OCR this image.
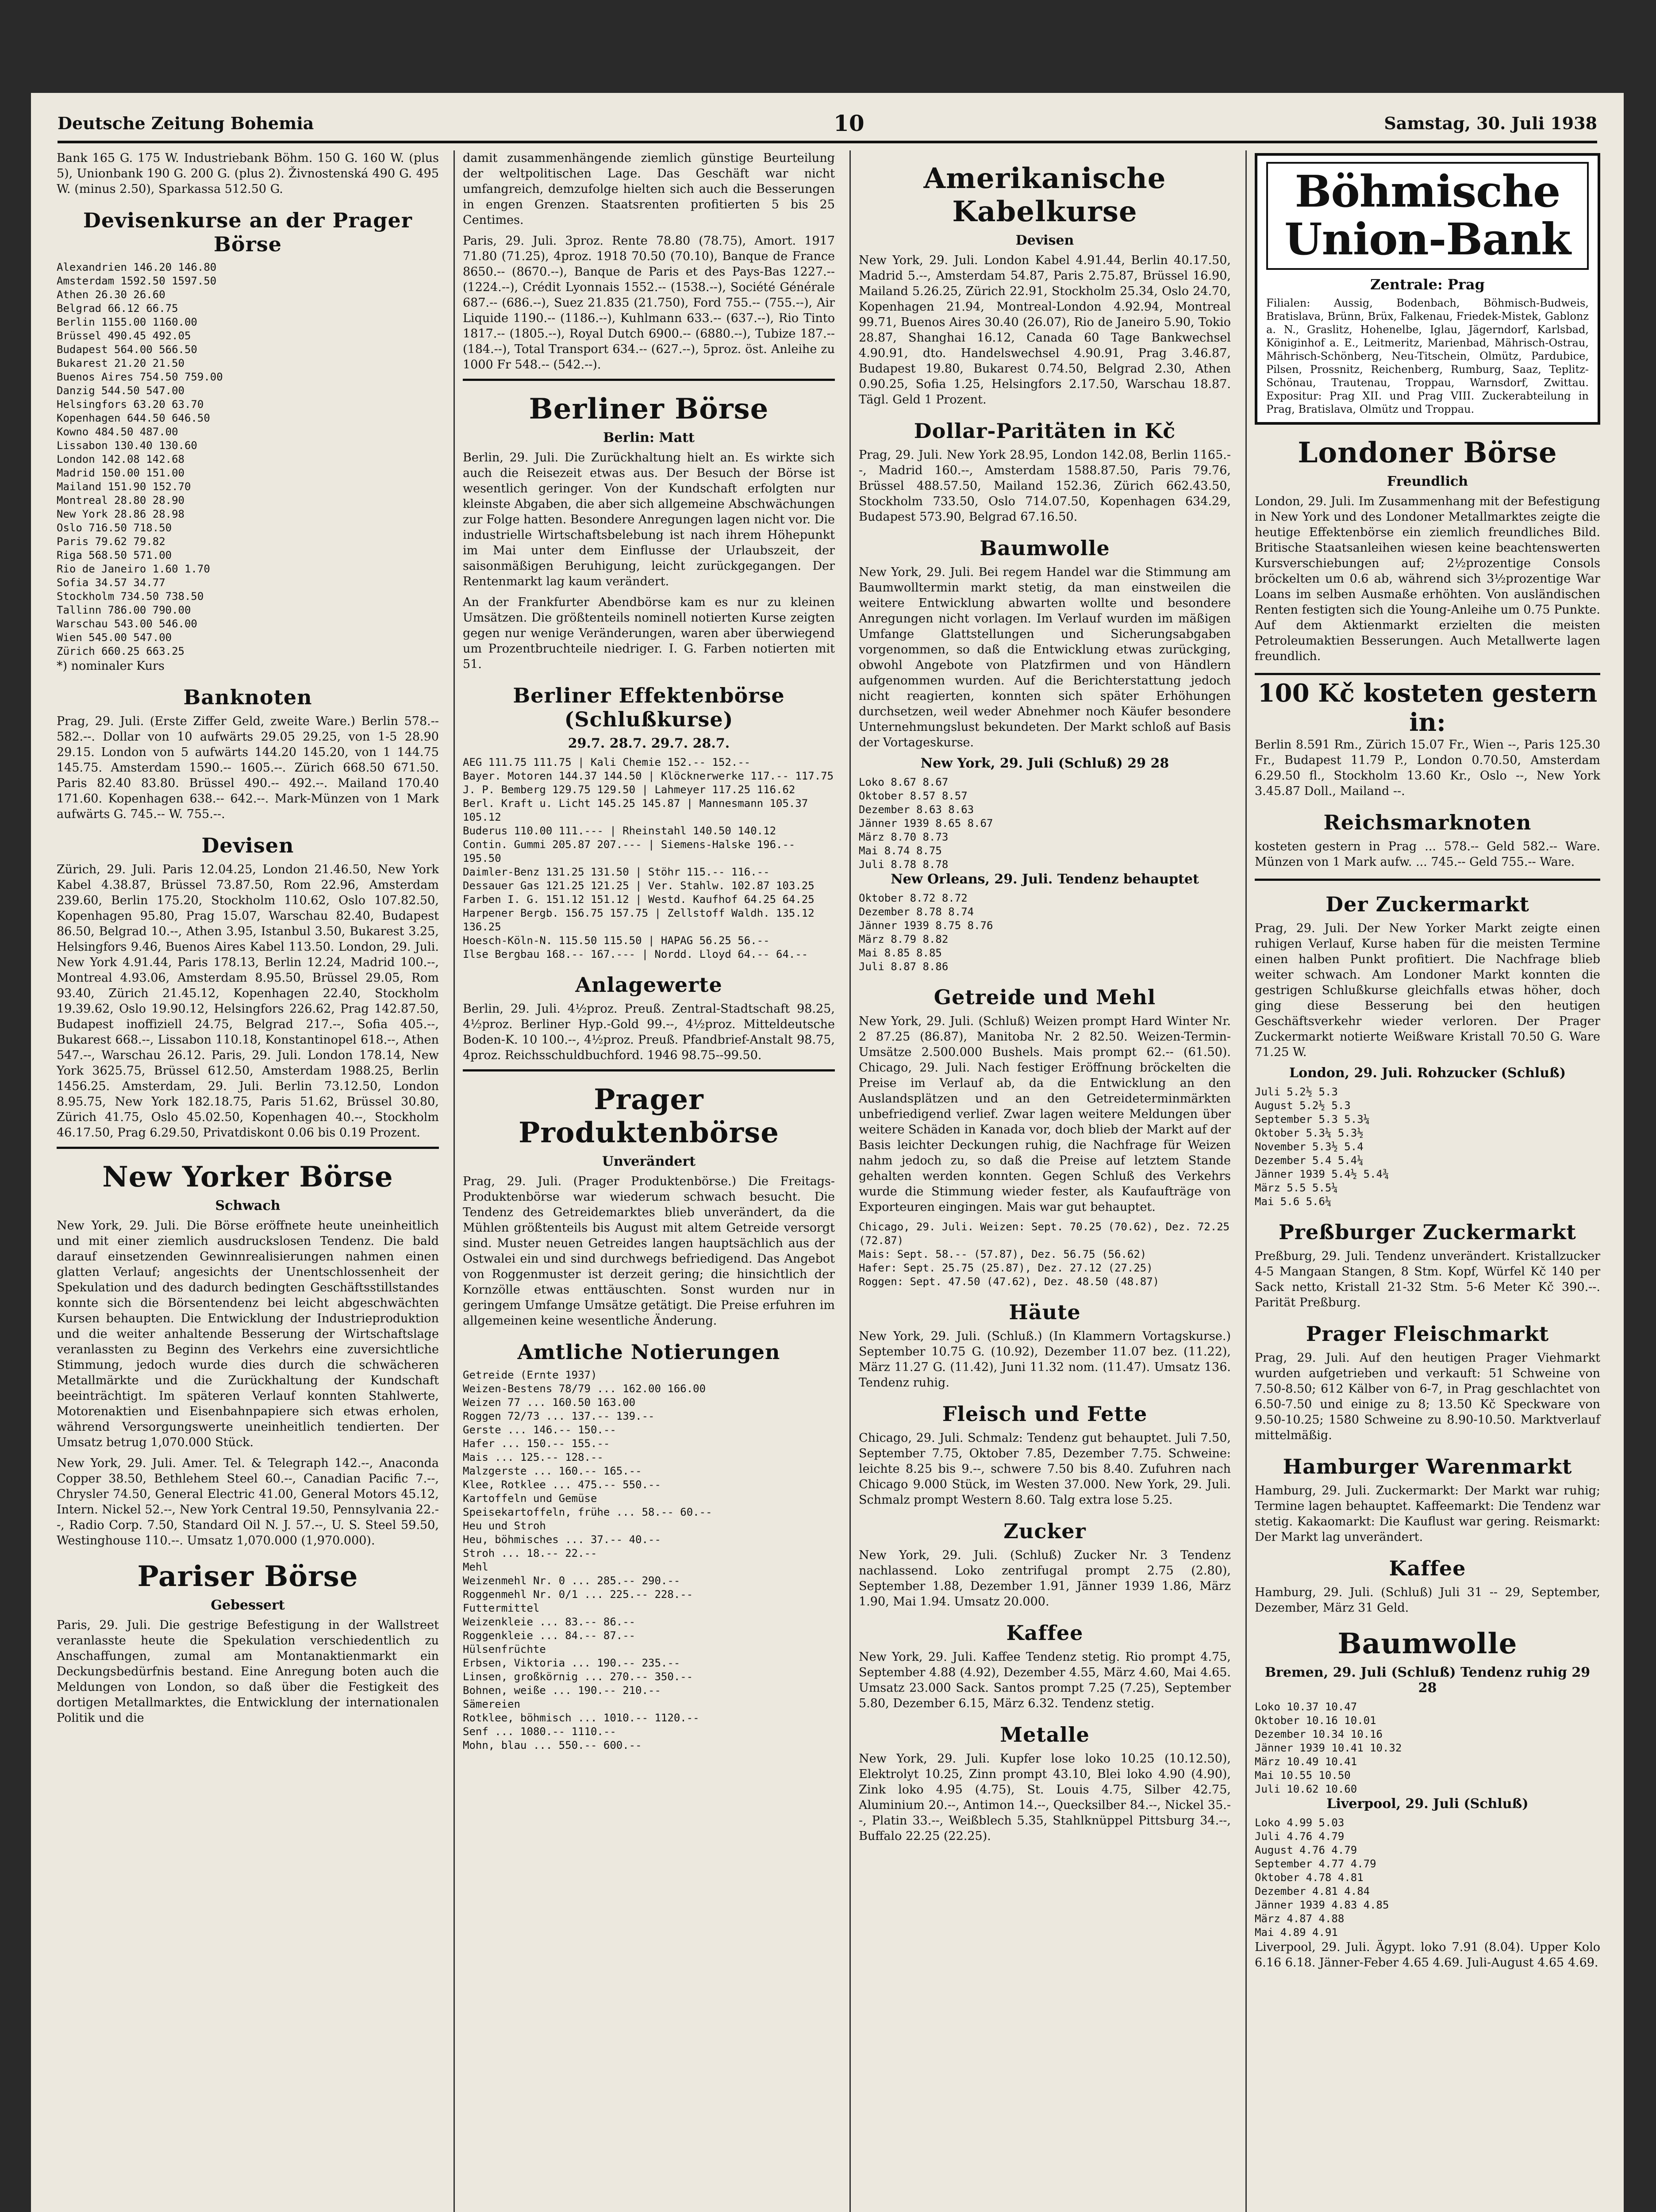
Deutsche Zeitung Bohemia	10	Samstag, 30. Juli 1938
Bank 165 G. 175 W. Industriebank Böhm. 150 G. 160 W. (plus 5), Unionbank 190 G. 200 G. (plus 2). Živnostenská 490 G. 495 W. (minus 2.50), Sparkassa 512.50 G.
Devisenkurse an der Prager Börse
Alexandrien 146.20 146.80
Amsterdam 1592.50 1597.50
Athen 26.30 26.60
Belgrad 66.12 66.75
Berlin 1155.00 1160.00
Brüssel 490.45 492.05
Budapest 564.00 566.50
Bukarest 21.20 21.50
Buenos Aires 754.50 759.00
Danzig 544.50 547.00
Helsingfors 63.20 63.70
Kopenhagen 644.50 646.50
Kowno 484.50 487.00
Lissabon 130.40 130.60
London 142.08 142.68
Madrid 150.00 151.00
Mailand 151.90 152.70
Montreal 28.80 28.90
New York 28.86 28.98
Oslo 716.50 718.50
Paris 79.62 79.82
Riga 568.50 571.00
Rio de Janeiro 1.60 1.70
Sofia 34.57 34.77
Stockholm 734.50 738.50
Tallinn 786.00 790.00
Warschau 543.00 546.00
Wien 545.00 547.00
Zürich 660.25 663.25
*) nominaler Kurs
Banknoten
Prag, 29. Juli. (Erste Ziffer Geld, zweite Ware.) Berlin 578.-- 582.--. Dollar von 10 aufwärts 29.05 29.25, von 1-5 28.90 29.15. London von 5 aufwärts 144.20 145.20, von 1 144.75 145.75. Amsterdam 1590.-- 1605.--. Zürich 668.50 671.50. Paris 82.40 83.80. Brüssel 490.-- 492.--. Mailand 170.40 171.60. Kopenhagen 638.-- 642.--. Mark-Münzen von 1 Mark aufwärts G. 745.-- W. 755.--.
Devisen
Zürich, 29. Juli. Paris 12.04.25, London 21.46.50, New York Kabel 4.38.87, Brüssel 73.87.50, Rom 22.96, Amsterdam 239.60, Berlin 175.20, Stockholm 110.62, Oslo 107.82.50, Kopenhagen 95.80, Prag 15.07, Warschau 82.40, Budapest 86.50, Belgrad 10.--, Athen 3.95, Istanbul 3.50, Bukarest 3.25, Helsingfors 9.46, Buenos Aires Kabel 113.50. London, 29. Juli. New York 4.91.44, Paris 178.13, Berlin 12.24, Madrid 100.--, Montreal 4.93.06, Amsterdam 8.95.50, Brüssel 29.05, Rom 93.40, Zürich 21.45.12, Kopenhagen 22.40, Stockholm 19.39.62, Oslo 19.90.12, Helsingfors 226.62, Prag 142.87.50, Budapest inoffiziell 24.75, Belgrad 217.--, Sofia 405.--, Bukarest 668.--, Lissabon 110.18, Konstantinopel 618.--, Athen 547.--, Warschau 26.12. Paris, 29. Juli. London 178.14, New York 3625.75, Brüssel 612.50, Amsterdam 1988.25, Berlin 1456.25. Amsterdam, 29. Juli. Berlin 73.12.50, London 8.95.75, New York 182.18.75, Paris 51.62, Brüssel 30.80, Zürich 41.75, Oslo 45.02.50, Kopenhagen 40.--, Stockholm 46.17.50, Prag 6.29.50, Privatdiskont 0.06 bis 0.19 Prozent.
New Yorker Börse
Schwach
New York, 29. Juli. Die Börse eröffnete heute uneinheitlich und mit einer ziemlich ausdruckslosen Tendenz. Die bald darauf einsetzenden Gewinnrealisierungen nahmen einen glatten Verlauf; angesichts der Unentschlossenheit der Spekulation und des dadurch bedingten Geschäftsstillstandes konnte sich die Börsentendenz bei leicht abgeschwächten Kursen behaupten. Die Entwicklung der Industrieproduktion und die weiter anhaltende Besserung der Wirtschaftslage veranlassten zu Beginn des Verkehrs eine zuversichtliche Stimmung, jedoch wurde dies durch die schwächeren Metallmärkte und die Zurückhaltung der Kundschaft beeinträchtigt. Im späteren Verlauf konnten Stahlwerte, Motorenaktien und Eisenbahnpapiere sich etwas erholen, während Versorgungswerte uneinheitlich tendierten. Der Umsatz betrug 1,070.000 Stück.
New York, 29. Juli. Amer. Tel. & Telegraph 142.--, Anaconda Copper 38.50, Bethlehem Steel 60.--, Canadian Pacific 7.--, Chrysler 74.50, General Electric 41.00, General Motors 45.12, Intern. Nickel 52.--, New York Central 19.50, Pennsylvania 22.--, Radio Corp. 7.50, Standard Oil N. J. 57.--, U. S. Steel 59.50, Westinghouse 110.--. Umsatz 1,070.000 (1,970.000).
Pariser Börse
Gebessert
Paris, 29. Juli. Die gestrige Befestigung in der Wallstreet veranlasste heute die Spekulation verschiedentlich zu Anschaffungen, zumal am Montanaktienmarkt ein Deckungsbedürfnis bestand. Eine Anregung boten auch die Meldungen von London, so daß über die Festigkeit des dortigen Metallmarktes, die Entwicklung der internationalen Politik und die
damit zusammenhängende ziemlich günstige Beurteilung der weltpolitischen Lage. Das Geschäft war nicht umfangreich, demzufolge hielten sich auch die Besserungen in engen Grenzen. Staatsrenten profitierten 5 bis 25 Centimes.
Paris, 29. Juli. 3proz. Rente 78.80 (78.75), Amort. 1917 71.80 (71.25), 4proz. 1918 70.50 (70.10), Banque de France 8650.-- (8670.--), Banque de Paris et des Pays-Bas 1227.-- (1224.--), Crédit Lyonnais 1552.-- (1538.--), Société Générale 687.-- (686.--), Suez 21.835 (21.750), Ford 755.-- (755.--), Air Liquide 1190.-- (1186.--), Kuhlmann 633.-- (637.--), Rio Tinto 1817.-- (1805.--), Royal Dutch 6900.-- (6880.--), Tubize 187.-- (184.--), Total Transport 634.-- (627.--), 5proz. öst. Anleihe zu 1000 Fr 548.-- (542.--).
Berliner Börse
Berlin: Matt
Berlin, 29. Juli. Die Zurückhaltung hielt an. Es wirkte sich auch die Reisezeit etwas aus. Der Besuch der Börse ist wesentlich geringer. Von der Kundschaft erfolgten nur kleinste Abgaben, die aber sich allgemeine Abschwächungen zur Folge hatten. Besondere Anregungen lagen nicht vor. Die industrielle Wirtschaftsbelebung ist nach ihrem Höhepunkt im Mai unter dem Einflusse der Urlaubszeit, der saisonmäßigen Beruhigung, leicht zurückgegangen. Der Rentenmarkt lag kaum verändert.
An der Frankfurter Abendbörse kam es nur zu kleinen Umsätzen. Die größtenteils nominell notierten Kurse zeigten gegen nur wenige Veränderungen, waren aber überwiegend um Prozentbruchteile niedriger. I. G. Farben notierten mit 51.
Berliner Effektenbörse (Schlußkurse)
29.7. 28.7. 29.7. 28.7.
AEG 111.75 111.75 | Kali Chemie 152.-- 152.--
Bayer. Motoren 144.37 144.50 | Klöcknerwerke 117.-- 117.75
J. P. Bemberg 129.75 129.50 | Lahmeyer 117.25 116.62
Berl. Kraft u. Licht 145.25 145.87 | Mannesmann 105.37 105.12
Buderus 110.00 111.--- | Rheinstahl 140.50 140.12
Contin. Gummi 205.87 207.--- | Siemens-Halske 196.-- 195.50
Daimler-Benz 131.25 131.50 | Stöhr 115.-- 116.--
Dessauer Gas 121.25 121.25 | Ver. Stahlw. 102.87 103.25
Farben I. G. 151.12 151.12 | Westd. Kaufhof 64.25 64.25
Harpener Bergb. 156.75 157.75 | Zellstoff Waldh. 135.12 136.25
Hoesch-Köln-N. 115.50 115.50 | HAPAG 56.25 56.--
Ilse Bergbau 168.-- 167.--- | Nordd. Lloyd 64.-- 64.--
Anlagewerte
Berlin, 29. Juli. 4½proz. Preuß. Zentral-Stadtschaft 98.25, 4½proz. Berliner Hyp.-Gold 99.--, 4½proz. Mitteldeutsche Boden-K. 10 100.--, 4½proz. Preuß. Pfandbrief-Anstalt 98.75, 4proz. Reichsschuldbuchford. 1946 98.75--99.50.
Prager Produktenbörse
Unverändert
Prag, 29. Juli. (Prager Produktenbörse.) Die Freitags-Produktenbörse war wiederum schwach besucht. Die Tendenz des Getreidemarktes blieb unverändert, da die Mühlen größtenteils bis August mit altem Getreide versorgt sind. Muster neuen Getreides langen hauptsächlich aus der Ostwalei ein und sind durchwegs befriedigend. Das Angebot von Roggenmuster ist derzeit gering; die hinsichtlich der Kornzölle etwas enttäuschten. Sonst wurden nur in geringem Umfange Umsätze getätigt. Die Preise erfuhren im allgemeinen keine wesentliche Änderung.
Amtliche Notierungen
Getreide (Ernte 1937)
Weizen-Bestens 78/79 ... 162.00 166.00
Weizen 77 ... 160.50 163.00
Roggen 72/73 ... 137.-- 139.--
Gerste ... 146.-- 150.--
Hafer ... 150.-- 155.--
Mais ... 125.-- 128.--
Malzgerste ... 160.-- 165.--
Klee, Rotklee ... 475.-- 550.--
Kartoffeln und Gemüse
Speisekartoffeln, frühe ... 58.-- 60.--
Heu und Stroh
Heu, böhmisches ... 37.-- 40.--
Stroh ... 18.-- 22.--
Mehl
Weizenmehl Nr. 0 ... 285.-- 290.--
Roggenmehl Nr. 0/1 ... 225.-- 228.--
Futtermittel
Weizenkleie ... 83.-- 86.--
Roggenkleie ... 84.-- 87.--
Hülsenfrüchte
Erbsen, Viktoria ... 190.-- 235.--
Linsen, großkörnig ... 270.-- 350.--
Bohnen, weiße ... 190.-- 210.--
Sämereien
Rotklee, böhmisch ... 1010.-- 1120.--
Senf ... 1080.-- 1110.--
Mohn, blau ... 550.-- 600.--
Amerikanische Kabelkurse
Devisen
New York, 29. Juli. London Kabel 4.91.44, Berlin 40.17.50, Madrid 5.--, Amsterdam 54.87, Paris 2.75.87, Brüssel 16.90, Mailand 5.26.25, Zürich 22.91, Stockholm 25.34, Oslo 24.70, Kopenhagen 21.94, Montreal-London 4.92.94, Montreal 99.71, Buenos Aires 30.40 (26.07), Rio de Janeiro 5.90, Tokio 28.87, Shanghai 16.12, Canada 60 Tage Bankwechsel 4.90.91, dto. Handelswechsel 4.90.91, Prag 3.46.87, Budapest 19.80, Bukarest 0.74.50, Belgrad 2.30, Athen 0.90.25, Sofia 1.25, Helsingfors 2.17.50, Warschau 18.87. Tägl. Geld 1 Prozent.
Dollar-Paritäten in Kč
Prag, 29. Juli. New York 28.95, London 142.08, Berlin 1165.--, Madrid 160.--, Amsterdam 1588.87.50, Paris 79.76, Brüssel 488.57.50, Mailand 152.36, Zürich 662.43.50, Stockholm 733.50, Oslo 714.07.50, Kopenhagen 634.29, Budapest 573.90, Belgrad 67.16.50.
Baumwolle
New York, 29. Juli. Bei regem Handel war die Stimmung am Baumwolltermin markt stetig, da man einstweilen die weitere Entwicklung abwarten wollte und besondere Anregungen nicht vorlagen. Im Verlauf wurden im mäßigen Umfange Glattstellungen und Sicherungsabgaben vorgenommen, so daß die Entwicklung etwas zurückging, obwohl Angebote von Platzfirmen und von Händlern aufgenommen wurden. Auf die Berichterstattung jedoch nicht reagierten, konnten sich später Erhöhungen durchsetzen, weil weder Abnehmer noch Käufer besondere Unternehmungslust bekundeten. Der Markt schloß auf Basis der Vortageskurse.
New York, 29. Juli (Schluß) 29 28
Loko 8.67 8.67
Oktober 8.57 8.57
Dezember 8.63 8.63
Jänner 1939 8.65 8.67
März 8.70 8.73
Mai 8.74 8.75
Juli 8.78 8.78
New Orleans, 29. Juli. Tendenz behauptet
Oktober 8.72 8.72
Dezember 8.78 8.74
Jänner 1939 8.75 8.76
März 8.79 8.82
Mai 8.85 8.85
Juli 8.87 8.86
Getreide und Mehl
New York, 29. Juli. (Schluß) Weizen prompt Hard Winter Nr. 2 87.25 (86.87), Manitoba Nr. 2 82.50. Weizen-Termin-Umsätze 2.500.000 Bushels. Mais prompt 62.-- (61.50). Chicago, 29. Juli. Nach festiger Eröffnung bröckelten die Preise im Verlauf ab, da die Entwicklung an den Auslandsplätzen und an den Getreideterminmärkten unbefriedigend verlief. Zwar lagen weitere Meldungen über weitere Schäden in Kanada vor, doch blieb der Markt auf der Basis leichter Deckungen ruhig, die Nachfrage für Weizen nahm jedoch zu, so daß die Preise auf letztem Stande gehalten werden konnten. Gegen Schluß des Verkehrs wurde die Stimmung wieder fester, als Kaufaufträge von Exporteuren eingingen. Mais war gut behauptet.
Chicago, 29. Juli. Weizen: Sept. 70.25 (70.62), Dez. 72.25 (72.87)
Mais: Sept. 58.-- (57.87), Dez. 56.75 (56.62)
Hafer: Sept. 25.75 (25.87), Dez. 27.12 (27.25)
Roggen: Sept. 47.50 (47.62), Dez. 48.50 (48.87)
Häute
New York, 29. Juli. (Schluß.) (In Klammern Vortagskurse.) September 10.75 G. (10.92), Dezember 11.07 bez. (11.22), März 11.27 G. (11.42), Juni 11.32 nom. (11.47). Umsatz 136. Tendenz ruhig.
Fleisch und Fette
Chicago, 29. Juli. Schmalz: Tendenz gut behauptet. Juli 7.50, September 7.75, Oktober 7.85, Dezember 7.75. Schweine: leichte 8.25 bis 9.--, schwere 7.50 bis 8.40. Zufuhren nach Chicago 9.000 Stück, im Westen 37.000. New York, 29. Juli. Schmalz prompt Western 8.60. Talg extra lose 5.25.
Zucker
New York, 29. Juli. (Schluß) Zucker Nr. 3 Tendenz nachlassend. Loko zentrifugal prompt 2.75 (2.80), September 1.88, Dezember 1.91, Jänner 1939 1.86, März 1.90, Mai 1.94. Umsatz 20.000.
Kaffee
New York, 29. Juli. Kaffee Tendenz stetig. Rio prompt 4.75, September 4.88 (4.92), Dezember 4.55, März 4.60, Mai 4.65. Umsatz 23.000 Sack. Santos prompt 7.25 (7.25), September 5.80, Dezember 6.15, März 6.32. Tendenz stetig.
Metalle
New York, 29. Juli. Kupfer lose loko 10.25 (10.12.50), Elektrolyt 10.25, Zinn prompt 43.10, Blei loko 4.90 (4.90), Zink loko 4.95 (4.75), St. Louis 4.75, Silber 42.75, Aluminium 20.--, Antimon 14.--, Quecksilber 84.--, Nickel 35.--, Platin 33.--, Weißblech 5.35, Stahlknüppel Pittsburg 34.--, Buffalo 22.25 (22.25).
Böhmische Union-Bank
Zentrale: Prag
Filialen: Aussig, Bodenbach, Böhmisch-Budweis, Bratislava, Brünn, Brüx, Falkenau, Friedek-Mistek, Gablonz a. N., Graslitz, Hohenelbe, Iglau, Jägerndorf, Karlsbad, Königinhof a. E., Leitmeritz, Marienbad, Mährisch-Ostrau, Mährisch-Schönberg, Neu-Titschein, Olmütz, Pardubice, Pilsen, Prossnitz, Reichenberg, Rumburg, Saaz, Teplitz-Schönau, Trautenau, Troppau, Warnsdorf, Zwittau. Expositur: Prag XII. und Prag VIII. Zuckerabteilung in Prag, Bratislava, Olmütz und Troppau.
Londoner Börse
Freundlich
London, 29. Juli. Im Zusammenhang mit der Befestigung in New York und des Londoner Metallmarktes zeigte die heutige Effektenbörse ein ziemlich freundliches Bild. Britische Staatsanleihen wiesen keine beachtenswerten Kursverschiebungen auf; 2½prozentige Consols bröckelten um 0.6 ab, während sich 3½prozentige War Loans im selben Ausmaße erhöhten. Von ausländischen Renten festigten sich die Young-Anleihe um 0.75 Punkte. Auf dem Aktienmarkt erzielten die meisten Petroleumaktien Besserungen. Auch Metallwerte lagen freundlich.
100 Kč kosteten gestern in:
Berlin 8.591 Rm., Zürich 15.07 Fr., Wien --, Paris 125.30 Fr., Budapest 11.79 P., London 0.70.50, Amsterdam 6.29.50 fl., Stockholm 13.60 Kr., Oslo --, New York 3.45.87 Doll., Mailand --.
Reichsmarknoten
kosteten gestern in Prag ... 578.-- Geld 582.-- Ware. Münzen von 1 Mark aufw. ... 745.-- Geld 755.-- Ware.
Der Zuckermarkt
Prag, 29. Juli. Der New Yorker Markt zeigte einen ruhigen Verlauf, Kurse haben für die meisten Termine einen halben Punkt profitiert. Die Nachfrage blieb weiter schwach. Am Londoner Markt konnten die gestrigen Schlußkurse gleichfalls etwas höher, doch ging diese Besserung bei den heutigen Geschäftsverkehr wieder verloren. Der Prager Zuckermarkt notierte Weißware Kristall 70.50 G. Ware 71.25 W.
London, 29. Juli. Rohzucker (Schluß)
Juli 5.2½ 5.3
August 5.2½ 5.3
September 5.3 5.3¼
Oktober 5.3¼ 5.3½
November 5.3½ 5.4
Dezember 5.4 5.4¼
Jänner 1939 5.4½ 5.4¾
März 5.5 5.5¼
Mai 5.6 5.6¼
Preßburger Zuckermarkt
Preßburg, 29. Juli. Tendenz unverändert. Kristallzucker 4-5 Mangaan Stangen, 8 Stm. Kopf, Würfel Kč 140 per Sack netto, Kristall 21-32 Stm. 5-6 Meter Kč 390.--. Parität Preßburg.
Prager Fleischmarkt
Prag, 29. Juli. Auf den heutigen Prager Viehmarkt wurden aufgetrieben und verkauft: 51 Schweine von 7.50-8.50; 612 Kälber von 6-7, in Prag geschlachtet von 6.50-7.50 und einige zu 8; 13.50 Kč Speckware von 9.50-10.25; 1580 Schweine zu 8.90-10.50. Marktverlauf mittelmäßig.
Hamburger Warenmarkt
Hamburg, 29. Juli. Zuckermarkt: Der Markt war ruhig; Termine lagen behauptet. Kaffeemarkt: Die Tendenz war stetig. Kakaomarkt: Die Kauflust war gering. Reismarkt: Der Markt lag unverändert.
Kaffee
Hamburg, 29. Juli. (Schluß) Juli 31 -- 29, September, Dezember, März 31 Geld.
Baumwolle
Bremen, 29. Juli (Schluß) Tendenz ruhig 29 28
Loko 10.37 10.47
Oktober 10.16 10.01
Dezember 10.34 10.16
Jänner 1939 10.41 10.32
März 10.49 10.41
Mai 10.55 10.50
Juli 10.62 10.60
Liverpool, 29. Juli (Schluß)
Loko 4.99 5.03
Juli 4.76 4.79
August 4.76 4.79
September 4.77 4.79
Oktober 4.78 4.81
Dezember 4.81 4.84
Jänner 1939 4.83 4.85
März 4.87 4.88
Mai 4.89 4.91
Liverpool, 29. Juli. Ägypt. loko 7.91 (8.04). Upper Kolo 6.16 6.18. Jänner-Feber 4.65 4.69. Juli-August 4.65 4.69.
